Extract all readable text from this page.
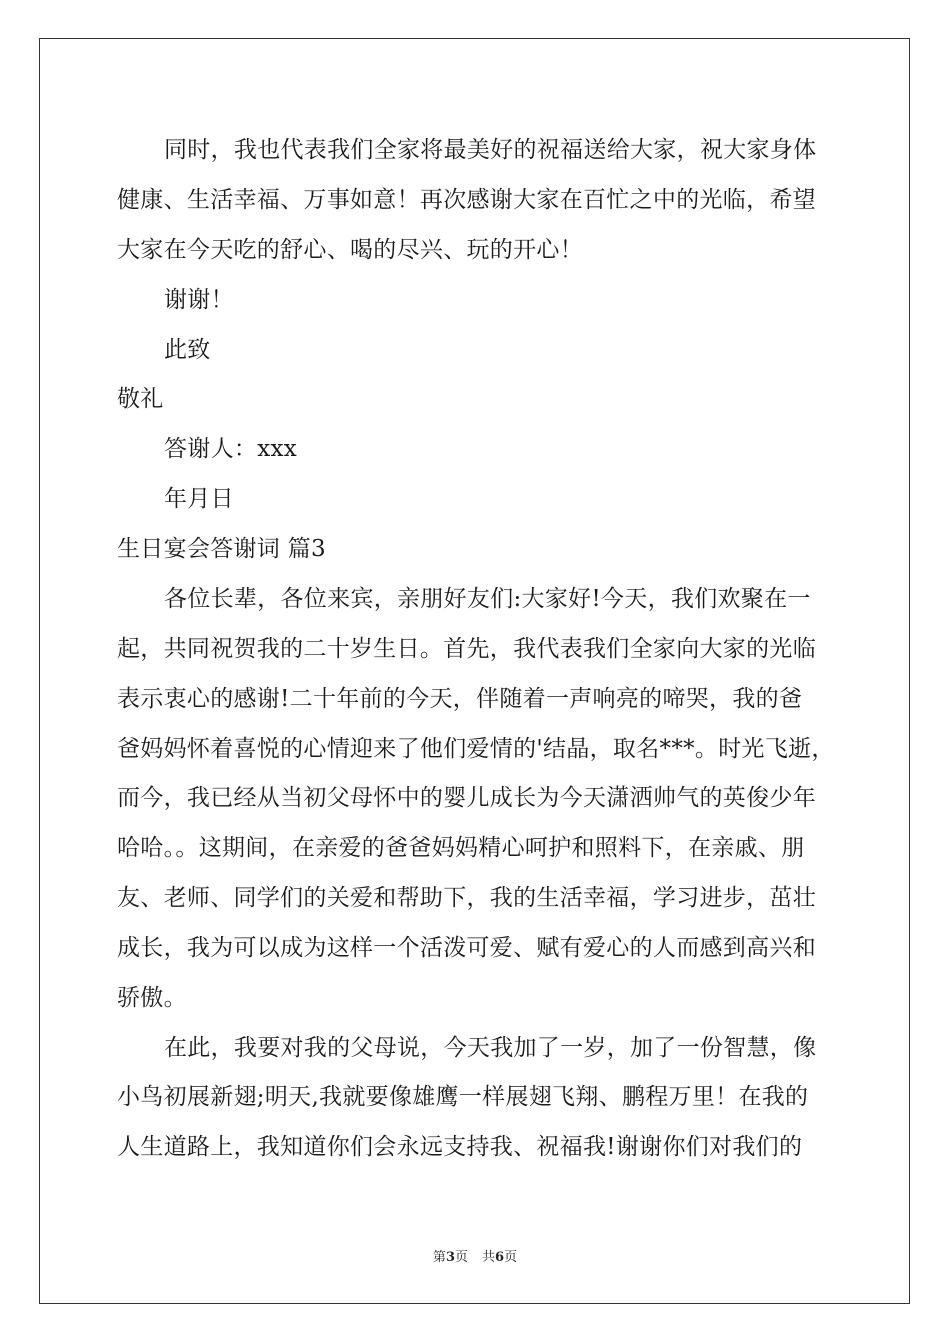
同时，我也代表我们全家将最美好的祝福送给大家，祝大家身体
健康、生活幸福、万事如意！再次感谢大家在百忙之中的光临，希望
大家在今天吃的舒心、喝的尽兴、玩的开心！
谢谢！
此致
敬礼
答谢人：xxx
年月日
生日宴会答谢词 篇3
各位长辈，各位来宾，亲朋好友们:大家好!今天，我们欢聚在一
起，共同祝贺我的二十岁生日。首先，我代表我们全家向大家的光临
表示衷心的感谢!二十年前的今天，伴随着一声响亮的啼哭，我的爸
爸妈妈怀着喜悦的心情迎来了他们爱情的'结晶，取名***。时光飞逝，
而今，我已经从当初父母怀中的婴儿成长为今天潇洒帅气的英俊少年
哈哈。。这期间，在亲爱的爸爸妈妈精心呵护和照料下，在亲戚、朋
友、老师、同学们的关爱和帮助下，我的生活幸福，学习进步，茁壮
成长，我为可以成为这样一个活泼可爱、赋有爱心的人而感到高兴和
骄傲。
在此，我要对我的父母说，今天我加了一岁，加了一份智慧，像
小鸟初展新翅;明天,我就要像雄鹰一样展翅飞翔、鹏程万里！在我的
人生道路上，我知道你们会永远支持我、祝福我!谢谢你们对我们的
第3页 共6页
